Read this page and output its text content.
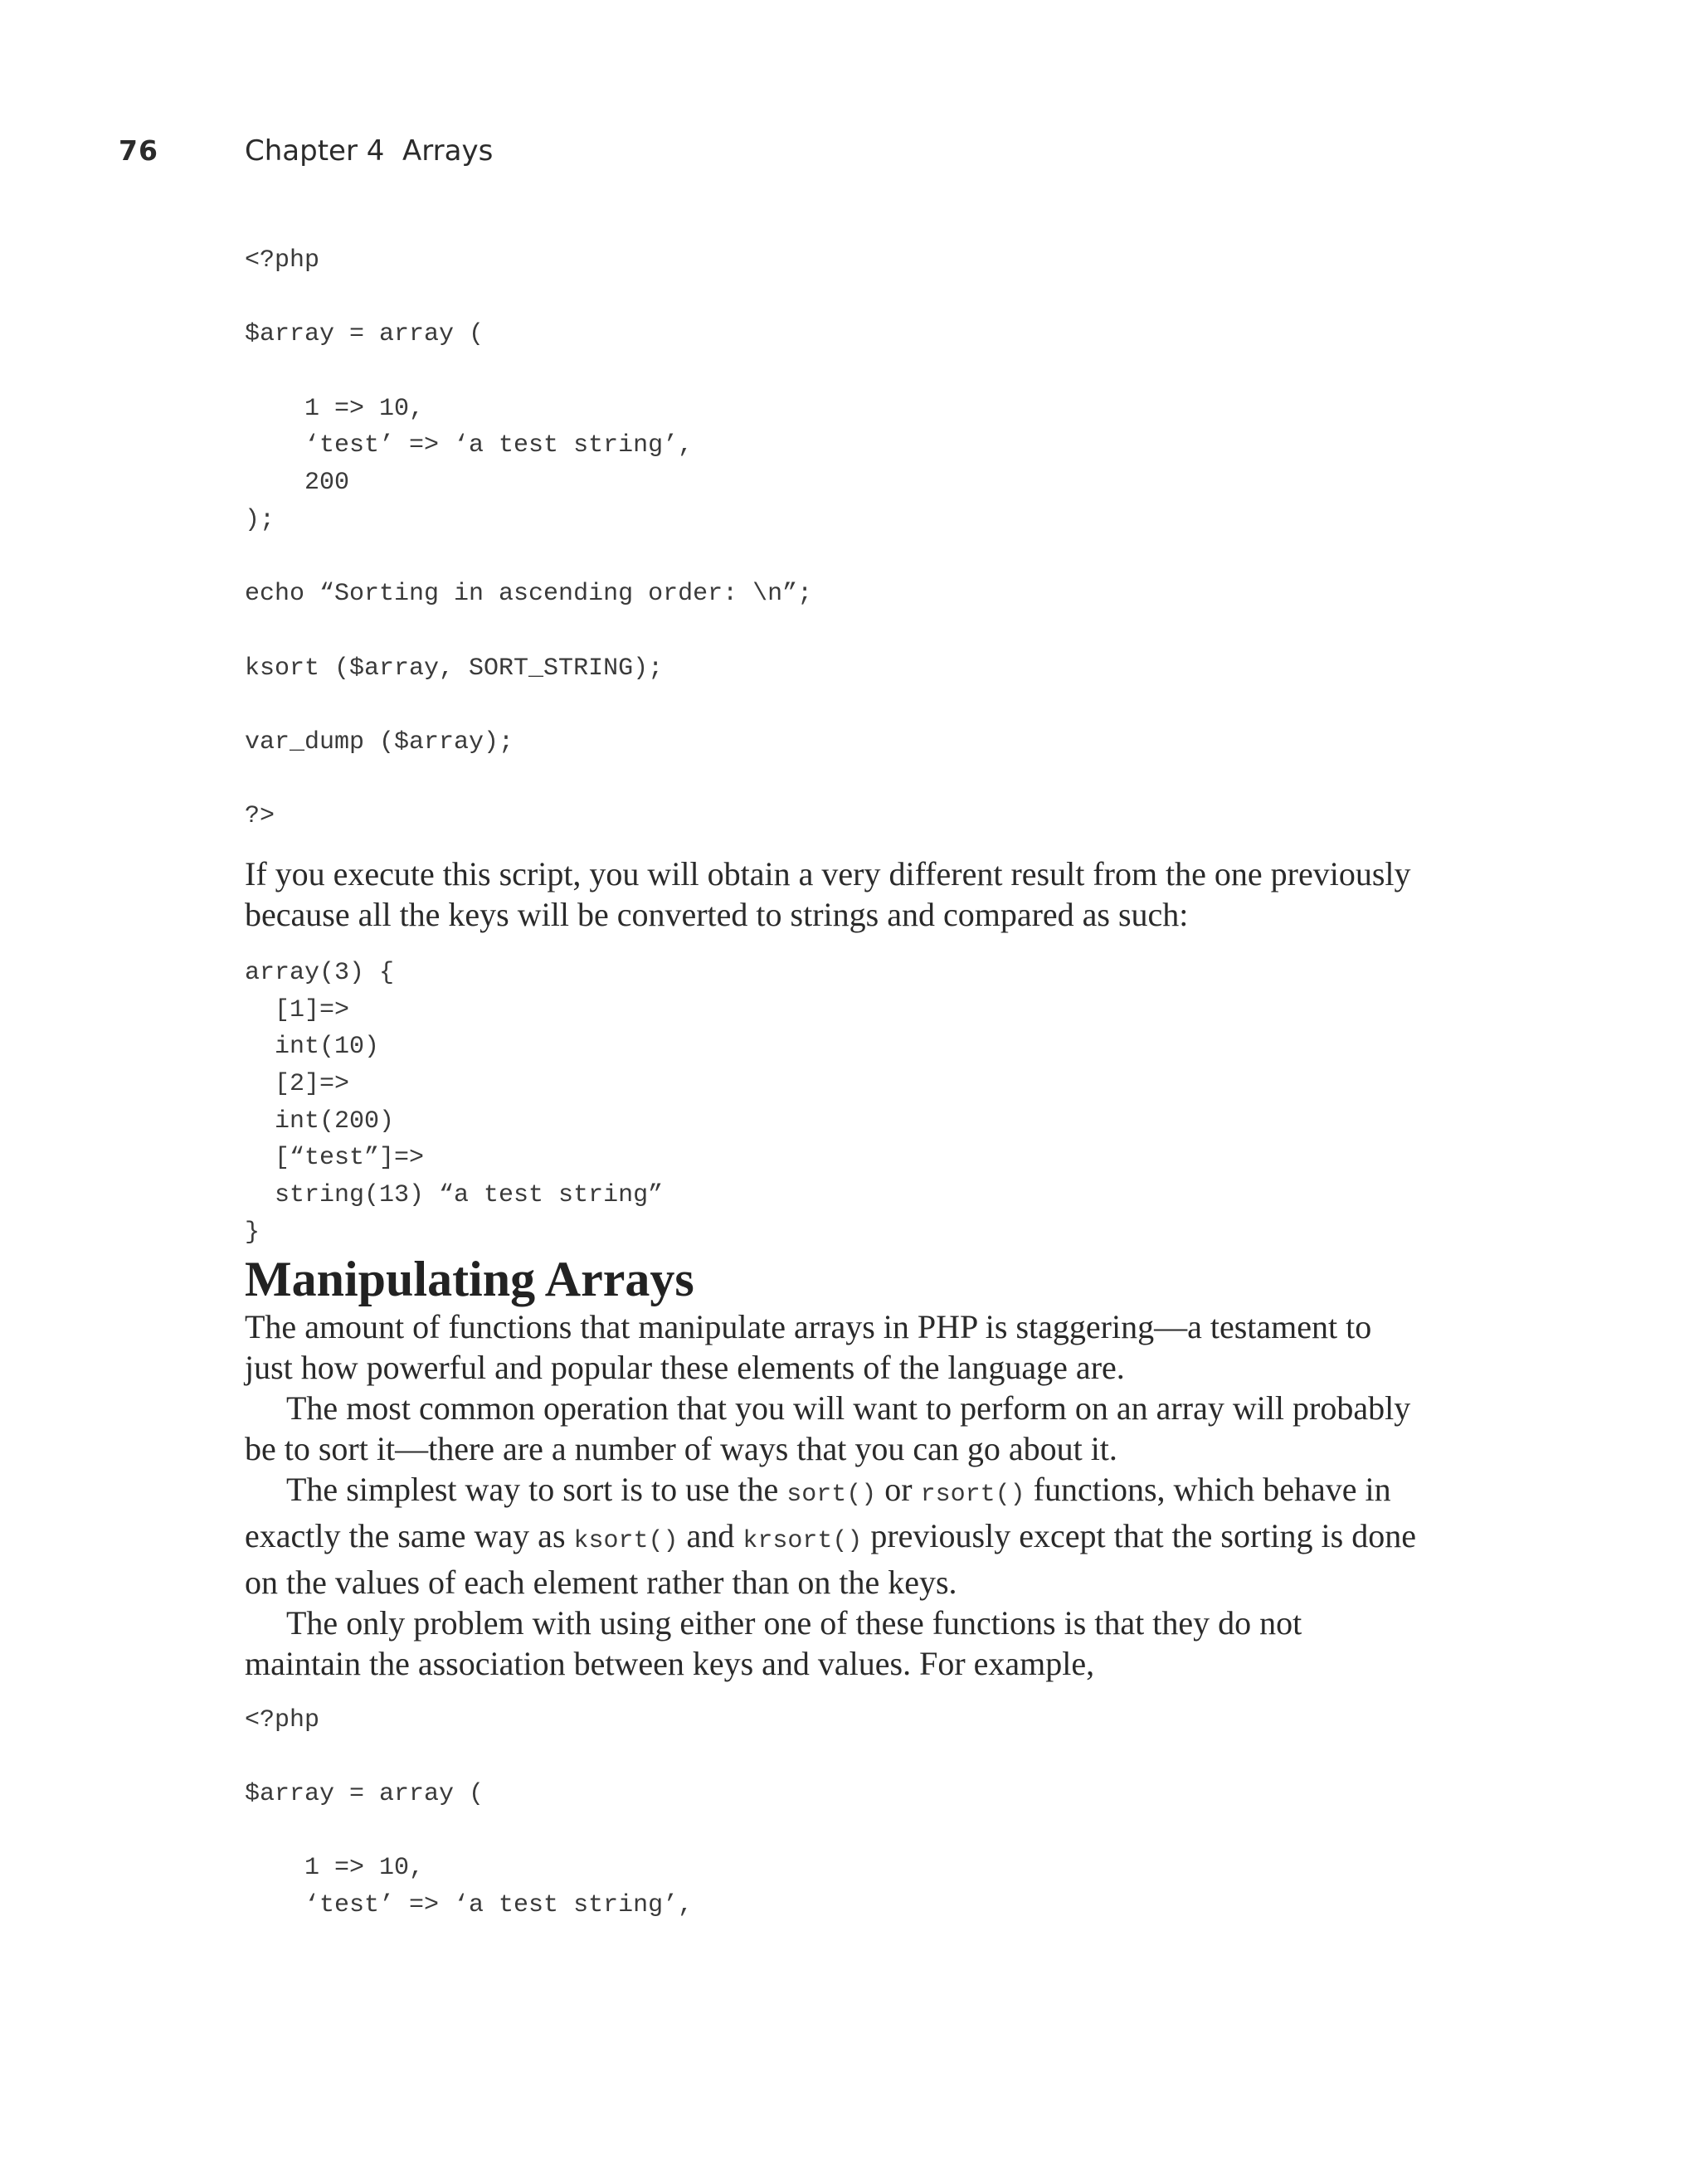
76	Chapter 4  Arrays
<?php
$array = array (
1 => 10,
‘test’ => ‘a test string’,
200
);
echo “Sorting in ascending order: \n”;
ksort ($array, SORT_STRING);
var_dump ($array);
?>

If you execute this script, you will obtain a very different result from the one previously because all the keys will be converted to strings and compared as such:

array(3) {
[1]=>
int(10)
[2]=>
int(200)
[“test”]=>
string(13) “a test string”
}
Manipulating Arrays
The amount of functions that manipulate arrays in PHP is staggering—a testament to just how powerful and popular these elements of the language are.
The most common operation that you will want to perform on an array will probably be to sort it—there are a number of ways that you can go about it.
The simplest way to sort is to use the sort() or rsort() functions, which behave in exactly the same way as ksort() and krsort() previously except that the sorting is done on the values of each element rather than on the keys.
The only problem with using either one of these functions is that they do not maintain the association between keys and values. For example,
<?php
$array = array (
1 => 10,
‘test’ => ‘a test string’,
